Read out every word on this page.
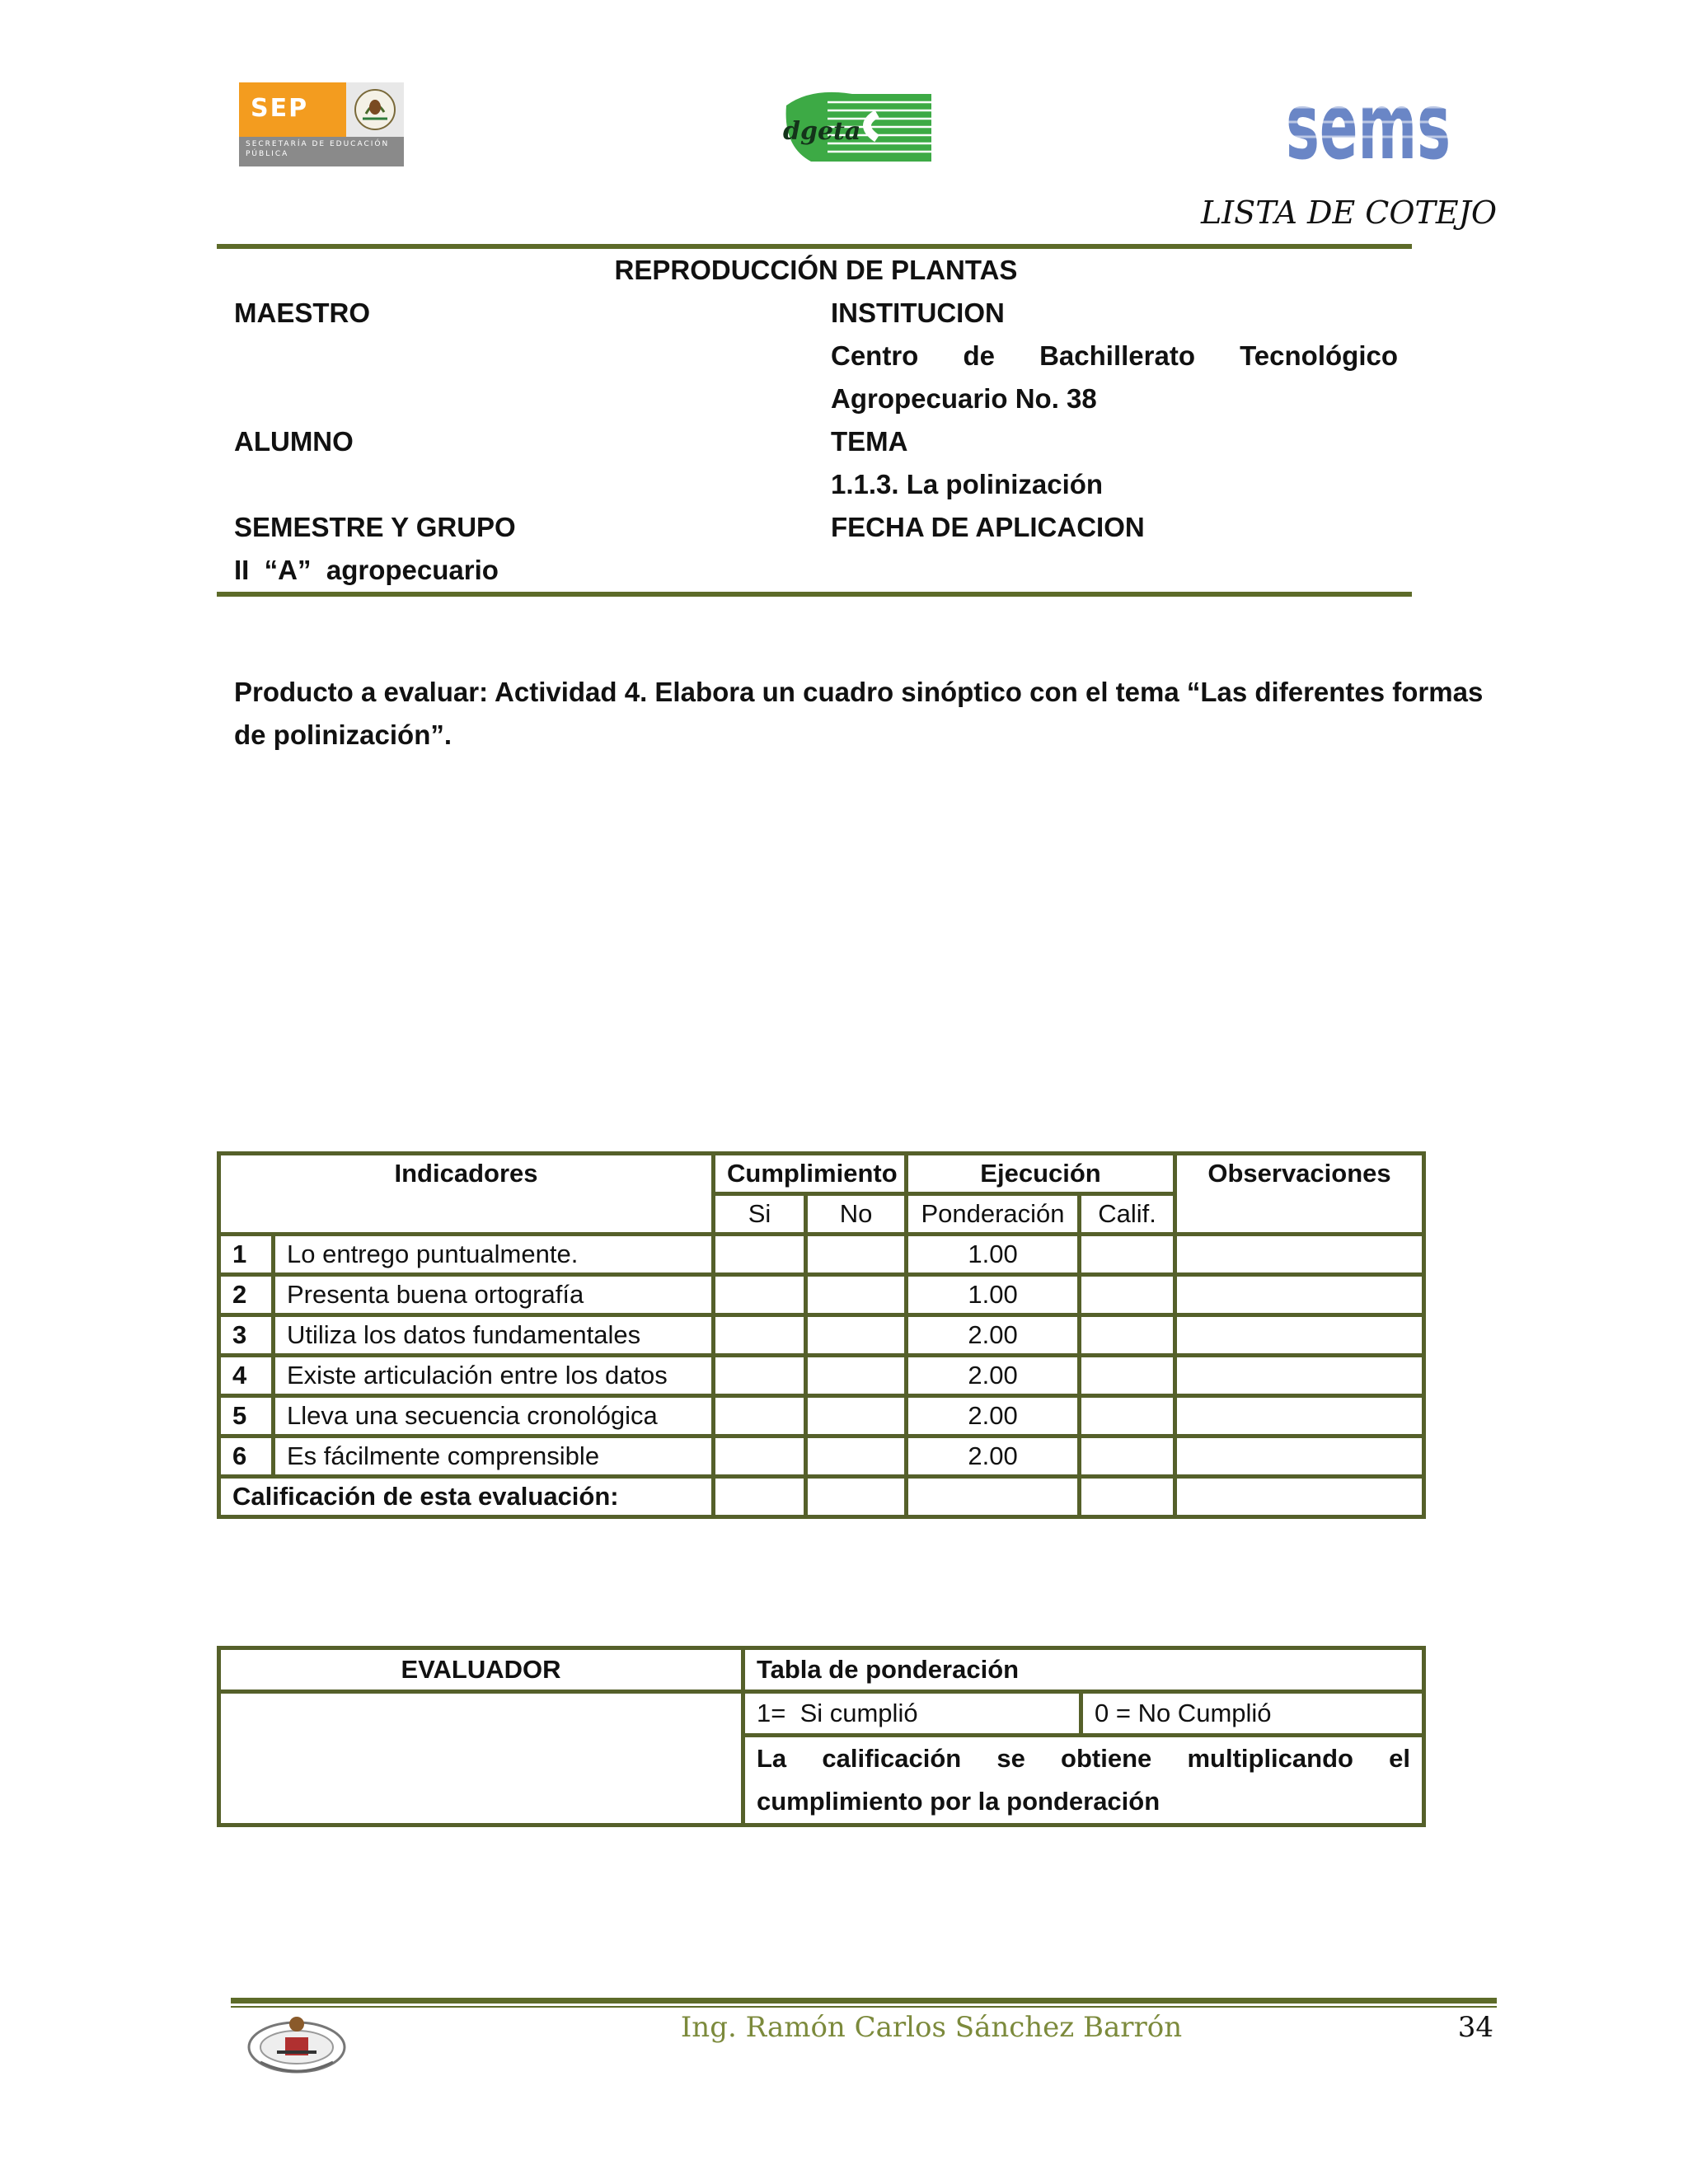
SEP
SECRETARÍA DE EDUCACIÓN PÚBLICA
dgeta	sems
LISTA DE COTEJO
REPRODUCCIÓN DE PLANTAS
MAESTRO	INSTITUCION
Centro de Bachillerato Tecnológico
Agropecuario No. 38
ALUMNO	TEMA
1.1.3. La polinización
SEMESTRE Y GRUPO	FECHA DE APLICACION
II  “A”  agropecuario
Producto a evaluar: Actividad 4. Elabora un cuadro sinóptico con el tema “Las diferentes formas de polinización”.
Indicadores		Cumplimiento		Ejecución		Observaciones
		Si	No	Ponderación	Calif.	
1	Lo entrego puntualmente.			1.00		
2	Presenta buena ortografía			1.00		
3	Utiliza los datos fundamentales			2.00		
4	Existe articulación entre los datos			2.00		
5	Lleva una secuencia cronológica			2.00		
6	Es fácilmente comprensible			2.00		
Calificación de esta evaluación:						
EVALUADOR	Tabla de ponderación	
	1=  Si cumplió	0 = No Cumplió
	La calificación se obtiene multiplicando el cumplimiento por la ponderación	
Ing. Ramón Carlos Sánchez Barrón	34
